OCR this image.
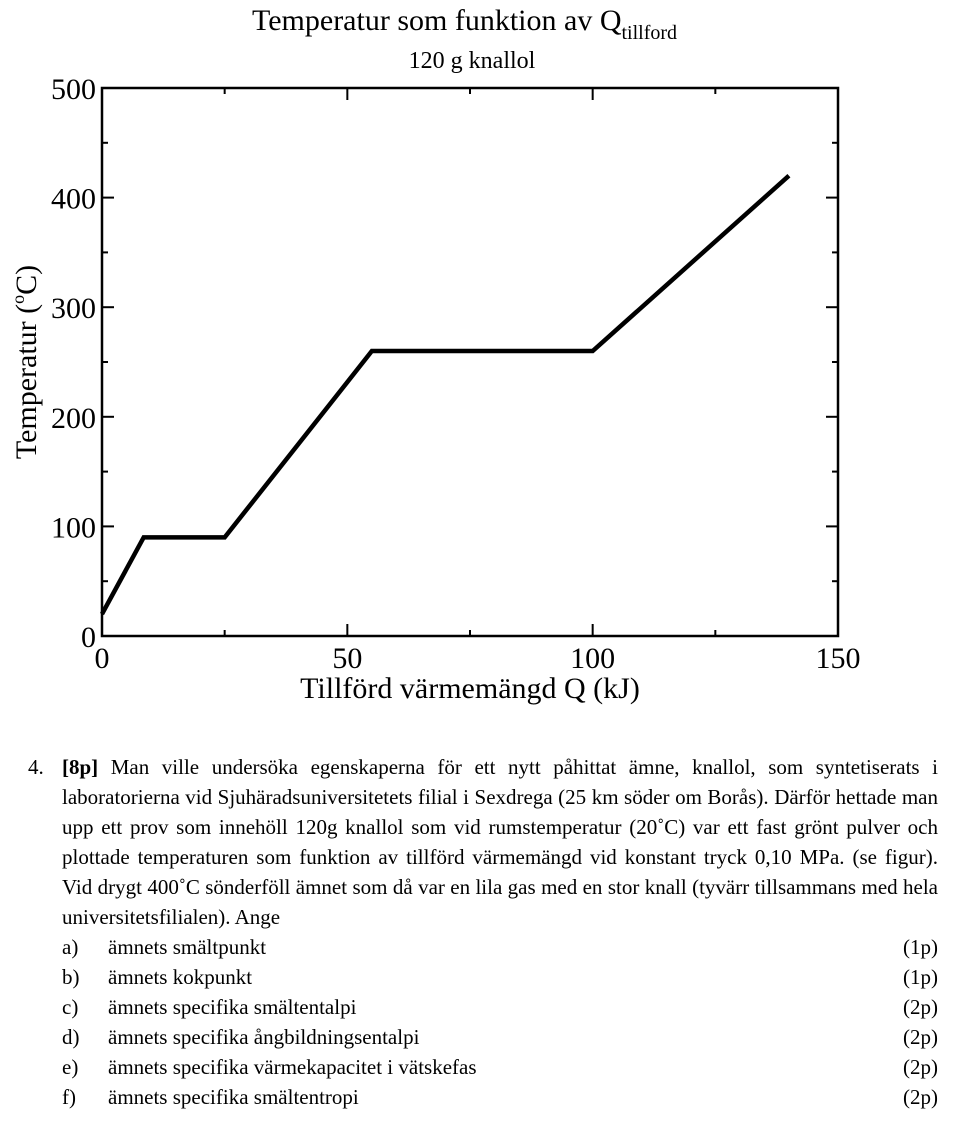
Temperatur som funktion av $Q_{tillford}$
120 g knallol
0	50	100	150
0
100
200
300
400
500
Tillförd värmemängd Q (kJ)
Temperatur ($^o$C)
4. [8p] Man ville undersöka egenskaperna för ett nytt påhittat ämne, knallol, som syntetiserats i laboratorierna vid Sjuhäradsuniversitetets filial i Sexdrega (25 km söder om Borås). Därför hettade man upp ett prov som innehöll 120g knallol som vid rumstemperatur (20˚C) var ett fast grönt pulver och plottade temperaturen som funktion av tillförd värmemängd vid konstant tryck 0,10 MPa. (se figur). Vid drygt 400˚C sönderföll ämnet som då var en lila gas med en stor knall (tyvärr tillsammans med hela universitetsfilialen). Ange
a)	ämnets smältpunkt	(1p)
b)	ämnets kokpunkt	(1p)
c)	ämnets specifika smältentalpi	(2p)
d)	ämnets specifika ångbildningsentalpi	(2p)
e)	ämnets specifika värmekapacitet i vätskefas	(2p)
f)	ämnets specifika smältentropi	(2p)
